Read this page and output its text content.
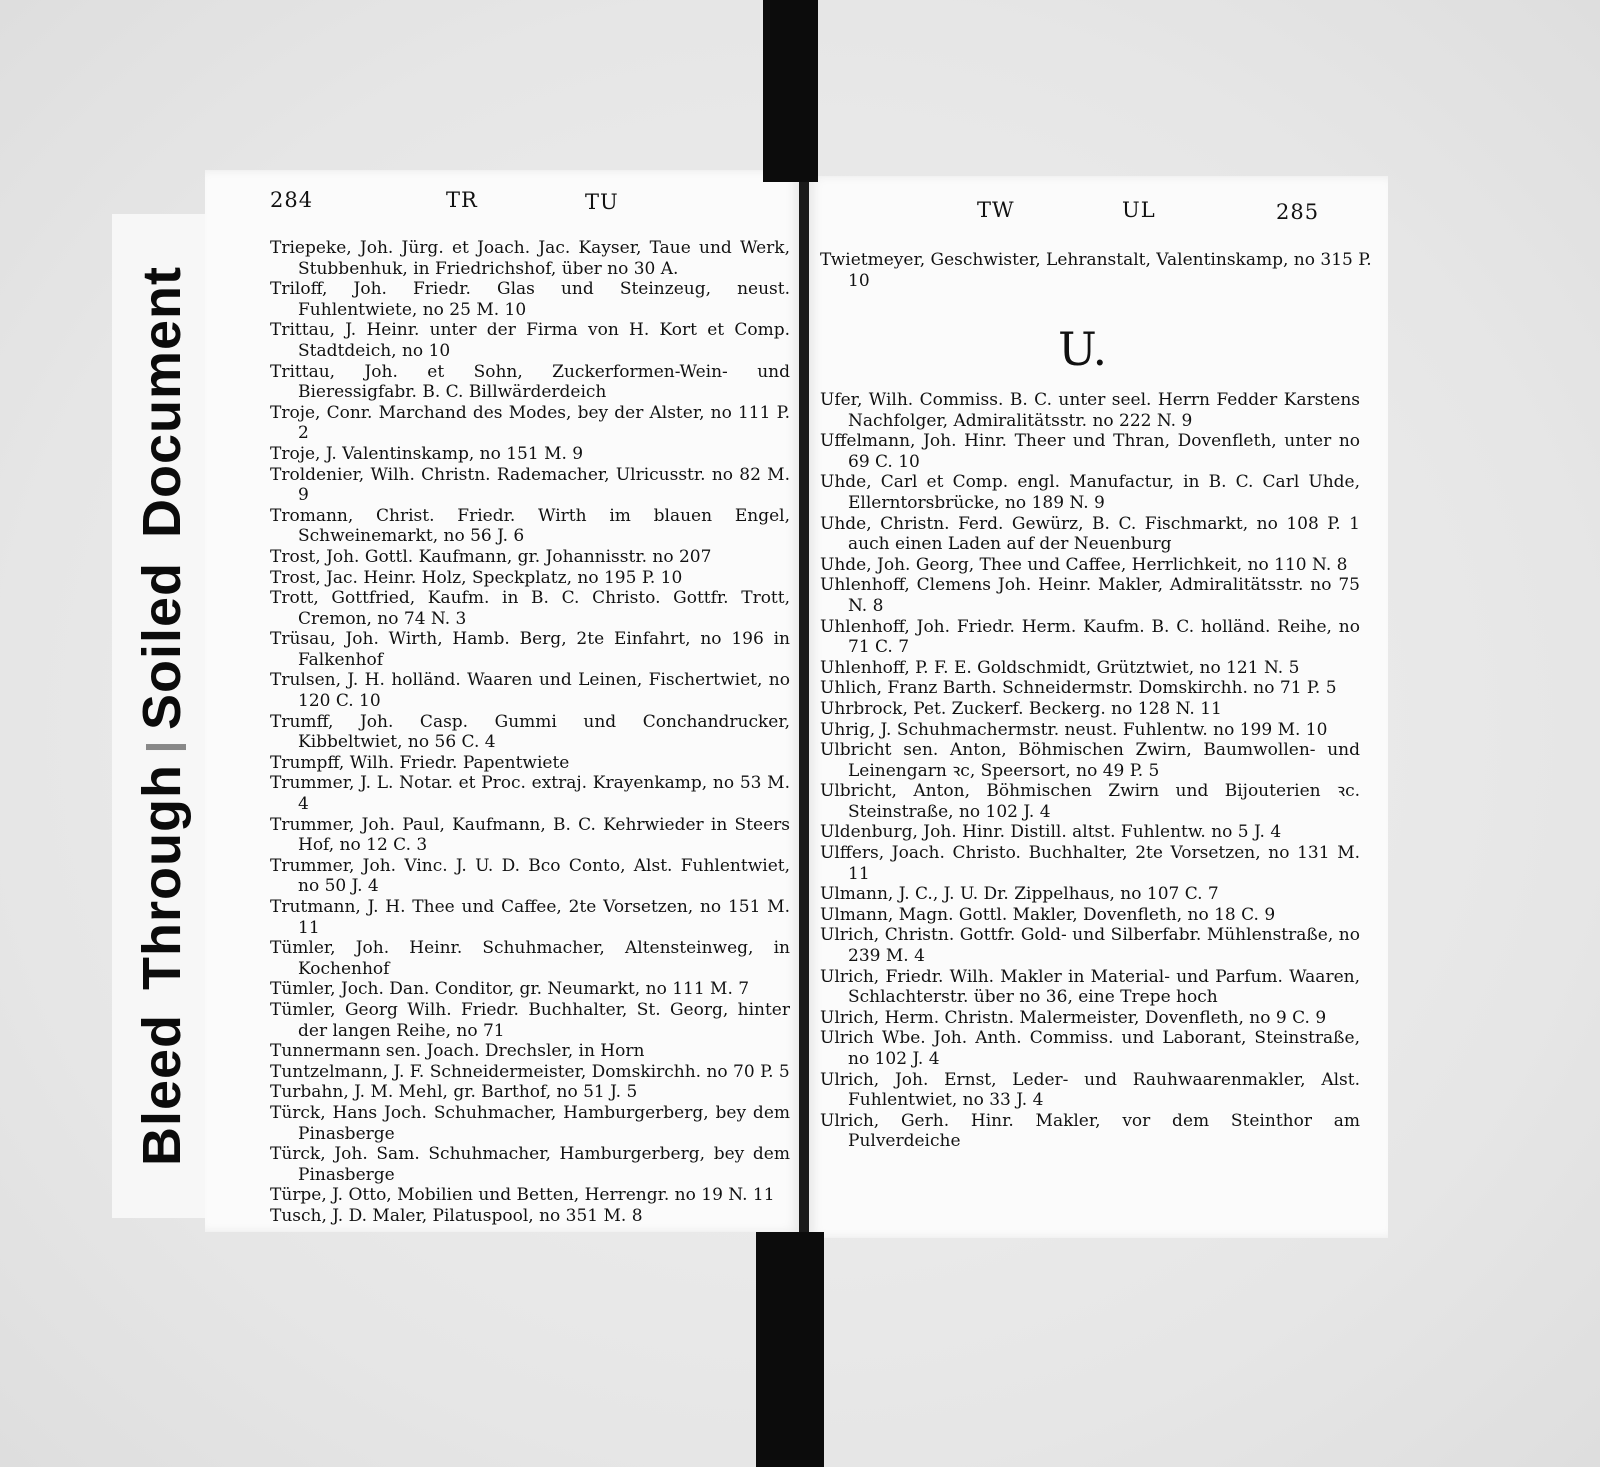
BleedThroughSoiledDocument
284	TR	TU
Triepeke, Joh. Jürg. et Joach. Jac. Kayser, Taue und Werk, Stubbenhuk, in Friedrichshof, über no 30 A.
Triloff, Joh. Friedr. Glas und Steinzeug, neust. Fuhlentwiete, no 25 M. 10
Trittau, J. Heinr. unter der Firma von H. Kort et Comp. Stadtdeich, no 10
Trittau, Joh. et Sohn, Zuckerformen-Wein- und Bieressigfabr. B. C. Billwärderdeich
Troje, Conr. Marchand des Modes, bey der Alster, no 111 P. 2
Troje, J. Valentinskamp, no 151 M. 9
Troldenier, Wilh. Christn. Rademacher, Ulricusstr. no 82 M. 9
Tromann, Christ. Friedr. Wirth im blauen Engel, Schweinemarkt, no 56 J. 6
Trost, Joh. Gottl. Kaufmann, gr. Johannisstr. no 207
Trost, Jac. Heinr. Holz, Speckplatz, no 195 P. 10
Trott, Gottfried, Kaufm. in B. C. Christo. Gottfr. Trott, Cremon, no 74 N. 3
Trüsau, Joh. Wirth, Hamb. Berg, 2te Einfahrt, no 196 in Falkenhof
Trulsen, J. H. holländ. Waaren und Leinen, Fischertwiet, no 120 C. 10
Trumff, Joh. Casp. Gummi und Conchandrucker, Kibbeltwiet, no 56 C. 4
Trumpff, Wilh. Friedr. Papentwiete
Trummer, J. L. Notar. et Proc. extraj. Krayenkamp, no 53 M. 4
Trummer, Joh. Paul, Kaufmann, B. C. Kehrwieder in Steers Hof, no 12 C. 3
Trummer, Joh. Vinc. J. U. D. Bco Conto, Alst. Fuhlentwiet, no 50 J. 4
Trutmann, J. H. Thee und Caffee, 2te Vorsetzen, no 151 M. 11
Tümler, Joh. Heinr. Schuhmacher, Altensteinweg, in Kochenhof
Tümler, Joch. Dan. Conditor, gr. Neumarkt, no 111 M. 7
Tümler, Georg Wilh. Friedr. Buchhalter, St. Georg, hinter der langen Reihe, no 71
Tunnermann sen. Joach. Drechsler, in Horn
Tuntzelmann, J. F. Schneidermeister, Domskirchh. no 70 P. 5
Turbahn, J. M. Mehl, gr. Barthof, no 51 J. 5
Türck, Hans Joch. Schuhmacher, Hamburgerberg, bey dem Pinasberge
Türck, Joh. Sam. Schuhmacher, Hamburgerberg, bey dem Pinasberge
Türpe, J. Otto, Mobilien und Betten, Herrengr. no 19 N. 11
Tusch, J. D. Maler, Pilatuspool, no 351 M. 8
TW	UL	285
Twietmeyer, Geschwister, Lehranstalt, Valentinskamp, no 315 P. 10
U.
Ufer, Wilh. Commiss. B. C. unter seel. Herrn Fedder Karstens Nachfolger, Admiralitätsstr. no 222 N. 9
Uffelmann, Joh. Hinr. Theer und Thran, Dovenfleth, unter no 69 C. 10
Uhde, Carl et Comp. engl. Manufactur, in B. C. Carl Uhde, Ellerntorsbrücke, no 189 N. 9
Uhde, Christn. Ferd. Gewürz, B. C. Fischmarkt, no 108 P. 1 auch einen Laden auf der Neuenburg
Uhde, Joh. Georg, Thee und Caffee, Herrlichkeit, no 110 N. 8
Uhlenhoff, Clemens Joh. Heinr. Makler, Admiralitätsstr. no 75 N. 8
Uhlenhoff, Joh. Friedr. Herm. Kaufm. B. C. holländ. Reihe, no 71 C. 7
Uhlenhoff, P. F. E. Goldschmidt, Grütztwiet, no 121 N. 5
Uhlich, Franz Barth. Schneidermstr. Domskirchh. no 71 P. 5
Uhrbrock, Pet. Zuckerf. Beckerg. no 128 N. 11
Uhrig, J. Schuhmachermstr. neust. Fuhlentw. no 199 M. 10
Ulbricht sen. Anton, Böhmischen Zwirn, Baumwollen- und Leinengarn ꝛc, Speersort, no 49 P. 5
Ulbricht, Anton, Böhmischen Zwirn und Bijouterien ꝛc. Steinstraße, no 102 J. 4
Uldenburg, Joh. Hinr. Distill. altst. Fuhlentw. no 5 J. 4
Ulffers, Joach. Christo. Buchhalter, 2te Vorsetzen, no 131 M. 11
Ulmann, J. C., J. U. Dr. Zippelhaus, no 107 C. 7
Ulmann, Magn. Gottl. Makler, Dovenfleth, no 18 C. 9
Ulrich, Christn. Gottfr. Gold- und Silberfabr. Mühlenstraße, no 239 M. 4
Ulrich, Friedr. Wilh. Makler in Material- und Parfum. Waaren, Schlachterstr. über no 36, eine Trepe hoch
Ulrich, Herm. Christn. Malermeister, Dovenfleth, no 9 C. 9
Ulrich Wbe. Joh. Anth. Commiss. und Laborant, Steinstraße, no 102 J. 4
Ulrich, Joh. Ernst, Leder- und Rauhwaarenmakler, Alst. Fuhlentwiet, no 33 J. 4
Ulrich, Gerh. Hinr. Makler, vor dem Steinthor am Pulverdeiche
